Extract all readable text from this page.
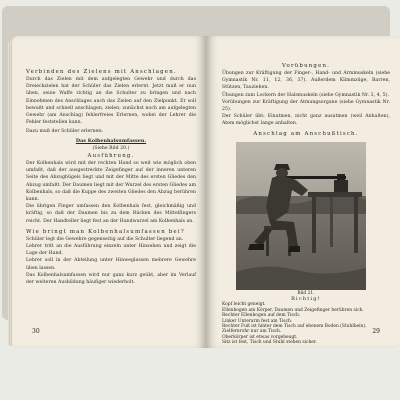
Verbinden des Zielens mit Anschlagen.

Durch das Zielen mit dem aufgelegten Gewehr und durch das Dreieckzielen hat der Schüler das Zielen erlernt. Jetzt muß er nun üben, seine Waffe richtig an die Schulter zu bringen und nach Einnehmen des Anschlages auch das Zielen auf den Zielpunkt. Er soll bewußt und schnell anschlagen, zielen; zunächst noch am aufgelegten Gewehr (am Anschlag) fehlerfreies Erlernen, wobei der Lehrer die Fehler feststellen kann.

Dazu muß der Schüler erlernen:

Das Kolbenhalsumfassen.

(Siehe Bild 20.)

Ausführung.

Der Kolbenhals wird mit der rechten Hand so weit wie möglich oben umfaßt, daß der ausgestreckte Zeigefinger auf der inneren unteren Seite des Abzugbügels liegt und mit der Mitte des ersten Gliedes den Abzug umfaßt. Der Daumen liegt mit der Wurzel des ersten Gliedes am Kolbenhals, so daß die Kuppe des zweiten Gliedes den Abzug berühren kann.

Die übrigen Finger umfassen den Kolbenhals fest, gleichmäßig und kräftig, so daß der Daumen bis zu dem Rücken des Mittelfingers reicht. Der Handteller liegt fest an der Handwurzel am Kolbenhals an.

Wie bringt man Kolbenhalsumfassen bei?

Schüler legt die Gewehre gegenseitig auf die Schulter liegend an.

Lehrer tritt an die Ausführung einzeln unter Hinsehen und zeigt die Lage der Hand.

Lehrer soll in der Abteilung unter Hinweglassen mehrere Gewehre üben lassen.

Das Kolbenhalsumfassen wird nur ganz kurz geübt, aber im Verlauf der weiteren Ausbildung häufiger wiederholt.

30

Vorübungen.

Übungen zur Kräftigung der Finger-, Hand- und Armmuskeln (siehe Gymnastik Nr. 11, 12, 36, 37). Außerdem Klimmzüge, Barren, Stützen, Tauziehen.

Übungen zum Lockern der Halsmuskeln (siehe Gymnastik Nr. 3, 4, 5).

Vorübungen zur Kräftigung der Atmungsorgane (siehe Gymnastik Nr. 25).

Der Schüler übt: Einatmen, nicht ganz ausatmen (weil Anhalten), Atem möglichst lange anhalten.

Anschlag am Anschußtisch.

Bild 21.

Richtig!

Kopf leicht geneigt.

Ellenbogen am Körper, Daumen und Zeigefinger berühren sich.

Rechter Ellenbogen auf dem Tisch.

Linker Unterarm fest am Tisch.

Rechter Fuß ist hinter dem Tisch auf ebenem Boden (Stuhlbein).

Zielfernrohr nur am Tisch.

Oberkörper ist etwas vorgebeugt.

Sitz ist fest, Tisch und Stuhl stehen sicher.

29
